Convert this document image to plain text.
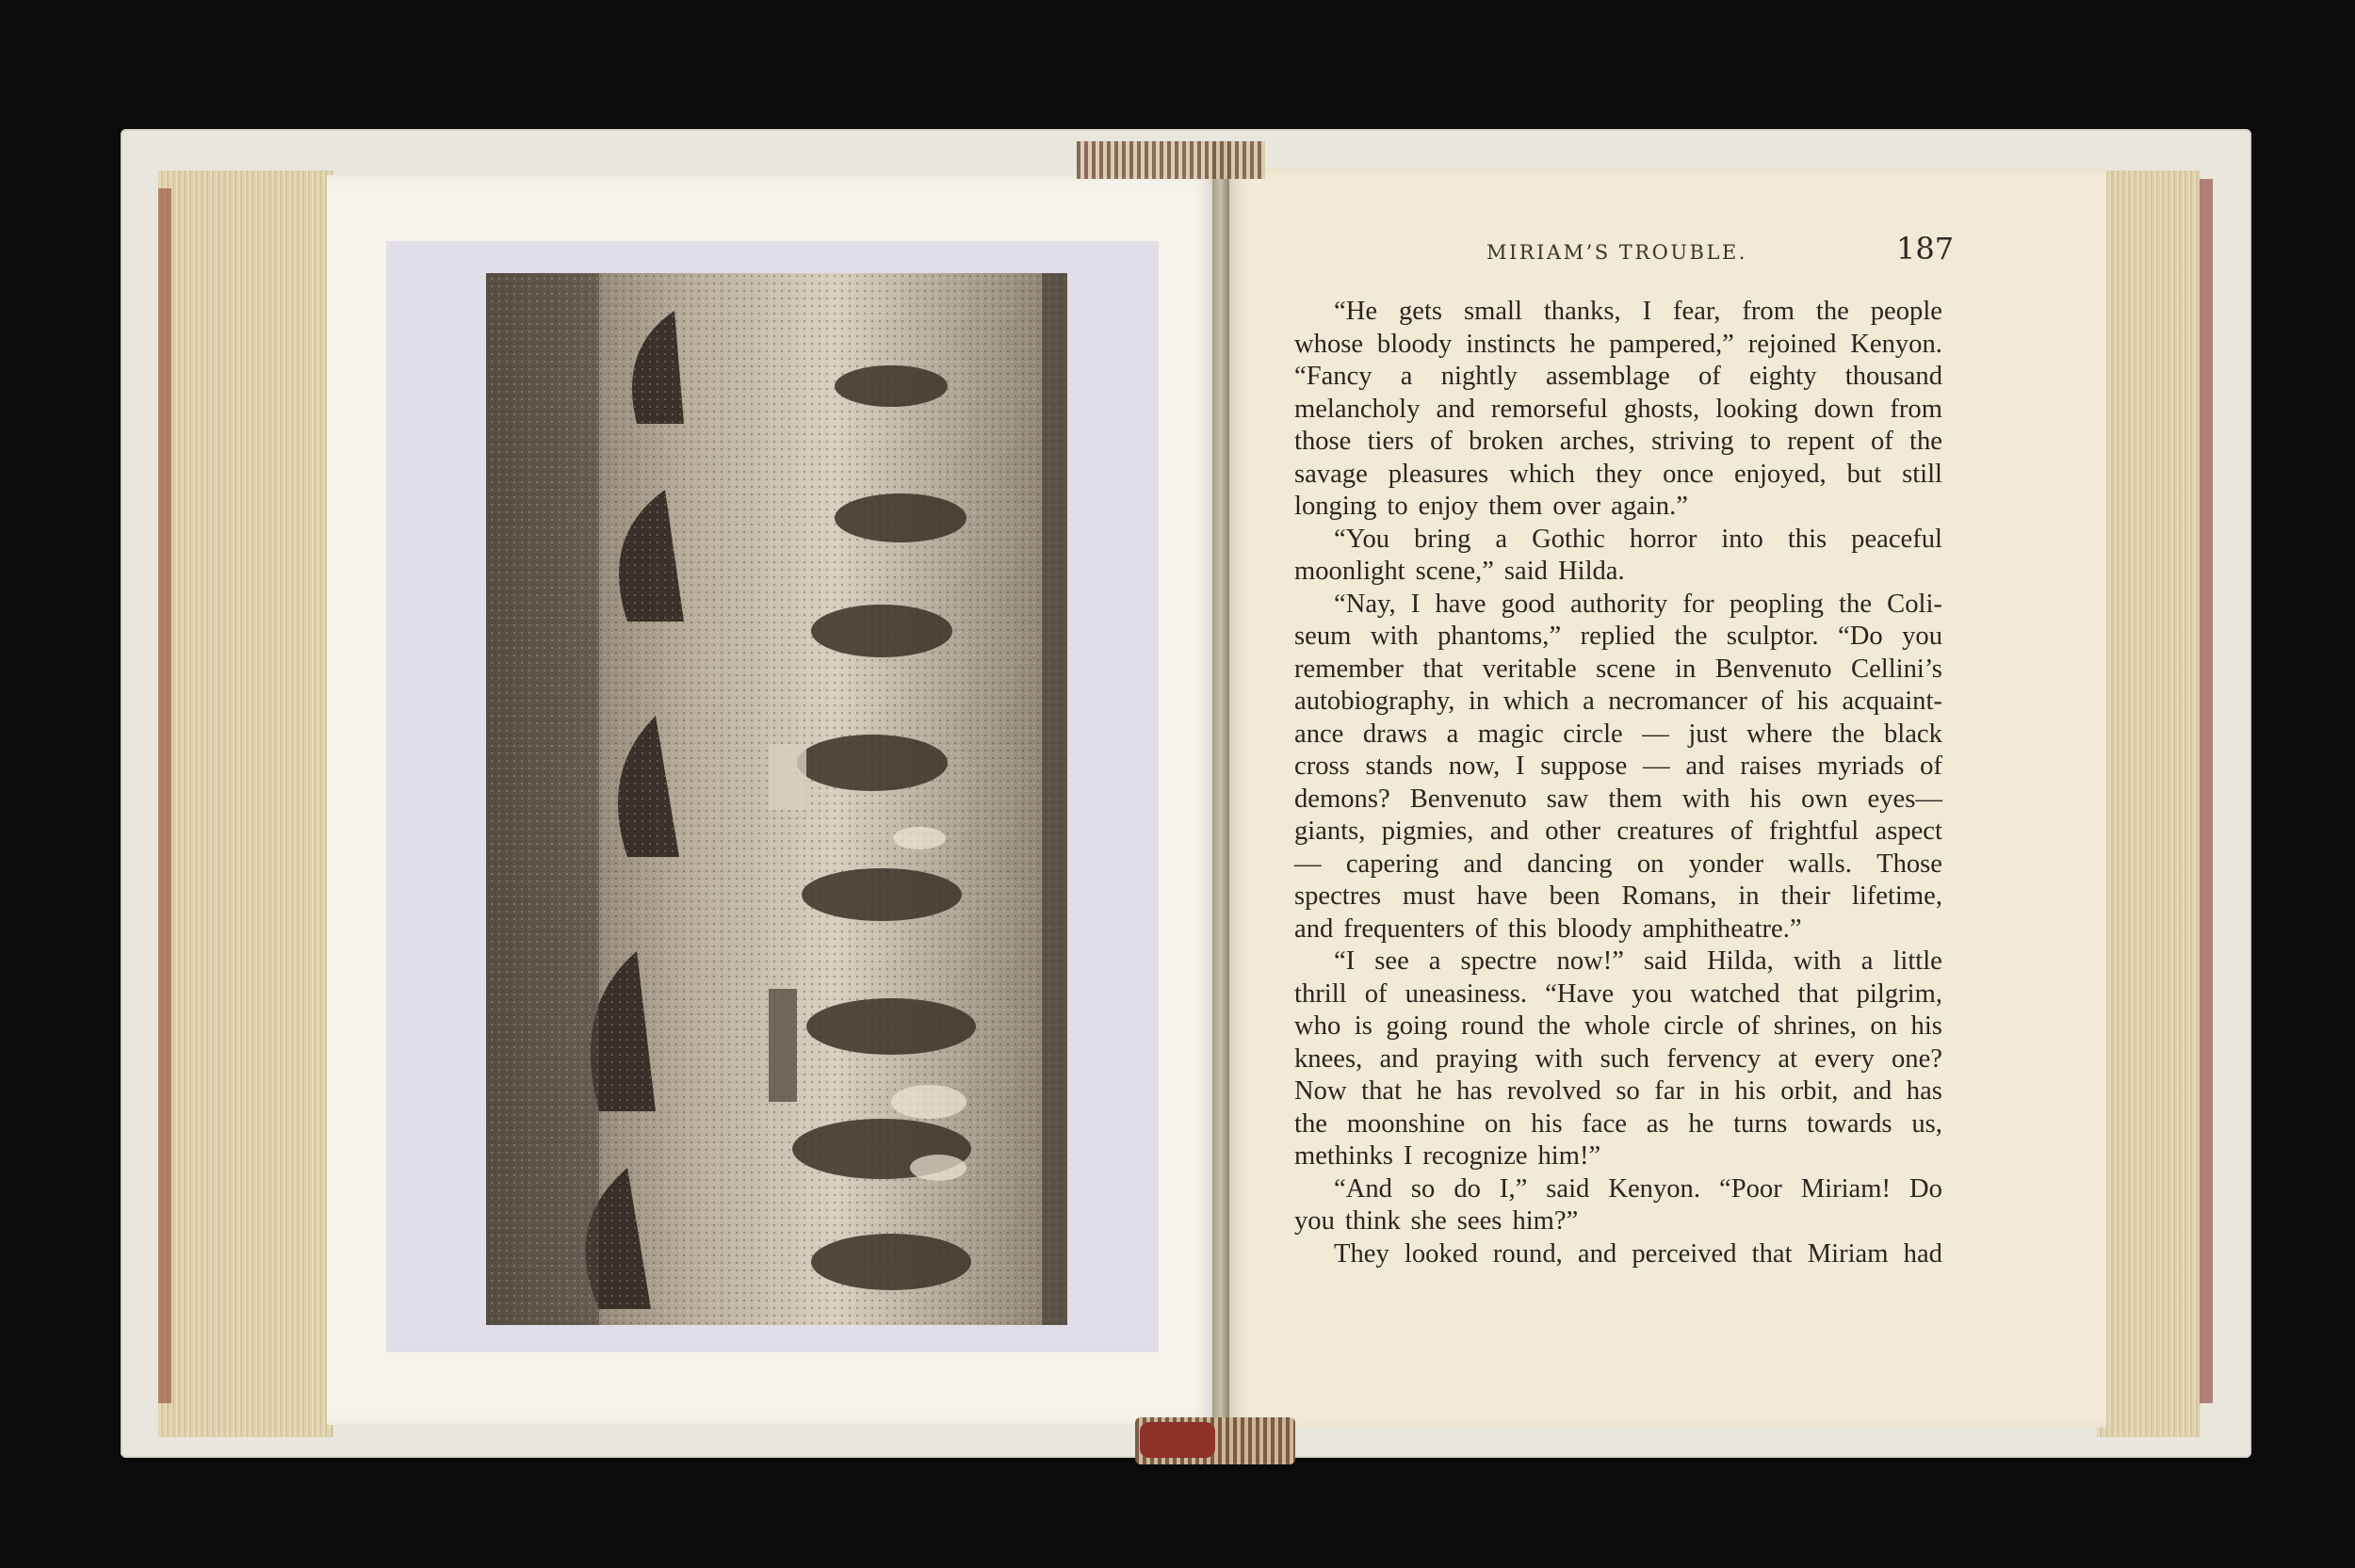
MIRIAM’S TROUBLE.	187
“He gets small thanks, I fear, from the people
whose bloody instincts he pampered,” rejoined Kenyon.
“Fancy a nightly assemblage of eighty thousand
melancholy and remorseful ghosts, looking down from
those tiers of broken arches, striving to repent of the
savage pleasures which they once enjoyed, but still
longing to enjoy them over again.”
“You bring a Gothic horror into this peaceful
moonlight scene,” said Hilda.
“Nay, I have good authority for peopling the Coli-
seum with phantoms,” replied the sculptor. “Do you
remember that veritable scene in Benvenuto Cellini’s
autobiography, in which a necromancer of his acquaint-
ance draws a magic circle — just where the black
cross stands now, I suppose — and raises myriads of
demons? Benvenuto saw them with his own eyes—
giants, pigmies, and other creatures of frightful aspect
— capering and dancing on yonder walls. Those
spectres must have been Romans, in their lifetime,
and frequenters of this bloody amphitheatre.”
“I see a spectre now!” said Hilda, with a little
thrill of uneasiness. “Have you watched that pilgrim,
who is going round the whole circle of shrines, on his
knees, and praying with such fervency at every one?
Now that he has revolved so far in his orbit, and has
the moonshine on his face as he turns towards us,
methinks I recognize him!”
“And so do I,” said Kenyon. “Poor Miriam! Do
you think she sees him?”
They looked round, and perceived that Miriam had
